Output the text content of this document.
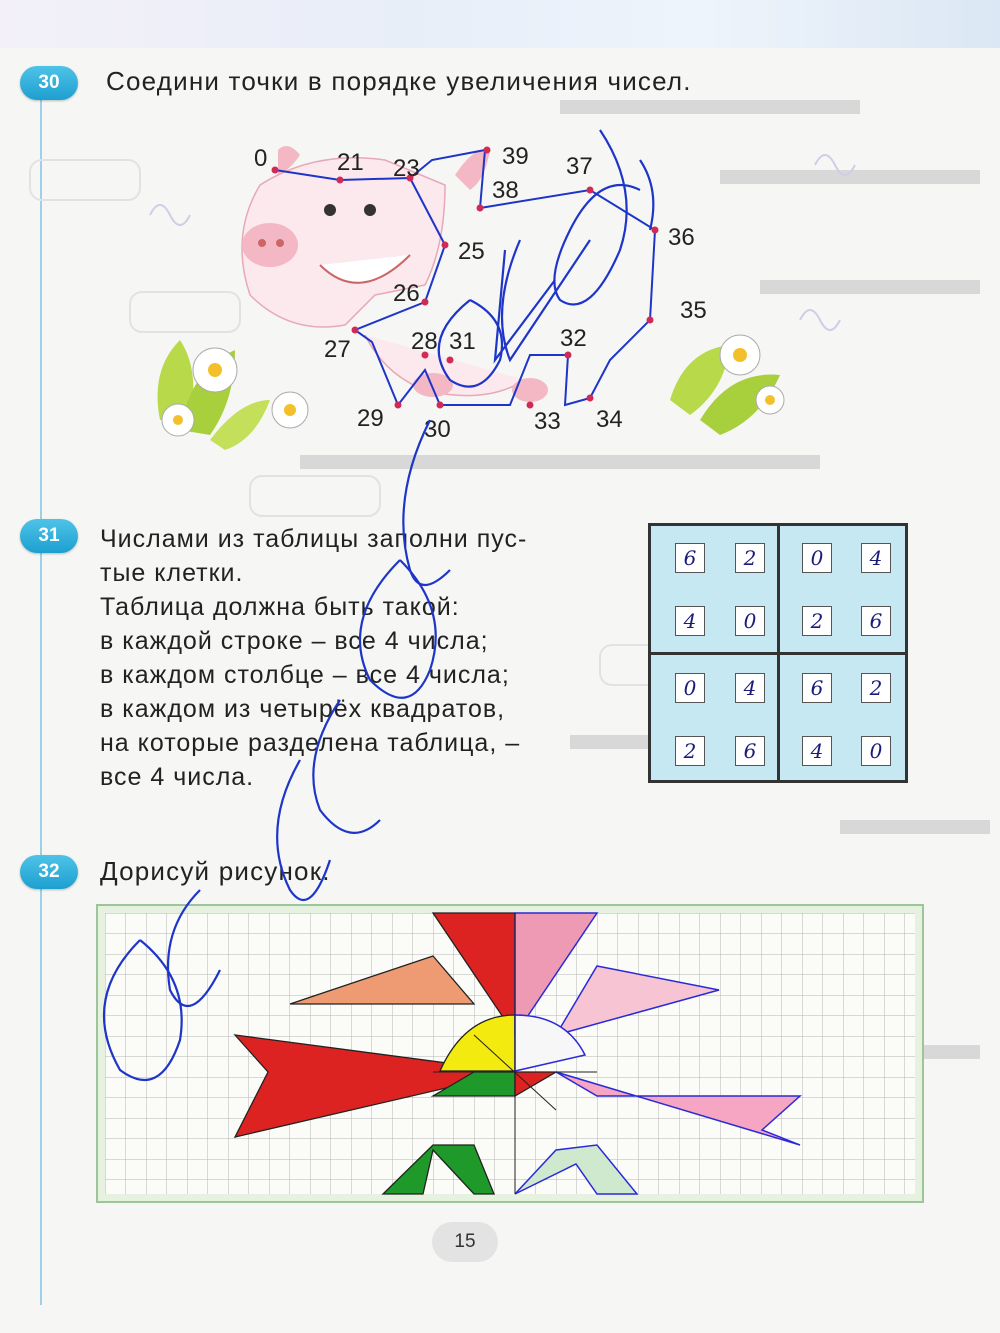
30 Соедини точки в порядке увеличения чисел.
0	21 23	39 37
38
25
36
26
35
27	28 31	32
29 30	33 34
31 Числами из таблицы заполни пус-
тые клетки.
Таблица должна быть такой:
в каждой строке – все 4 числа;
в каждом столбце – все 4 числа;
в каждом из четырёх квадратов,
на которые разделена таблица, –
все 4 числа.
6	2	0	4
4	0	2	6
0	4	6	2
2	6	4	0
32 Дорисуй рисунок.
15
